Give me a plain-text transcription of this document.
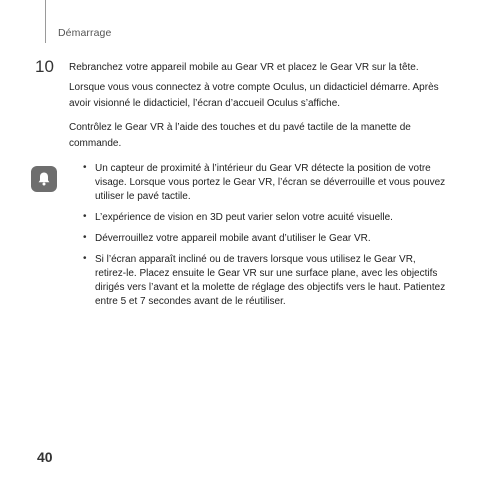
Démarrage
10 Rebranchez votre appareil mobile au Gear VR et placez le Gear VR sur la tête.
Lorsque vous vous connectez à votre compte Oculus, un didacticiel démarre. Après avoir visionné le didacticiel, l’écran d’accueil Oculus s’affiche.
Contrôlez le Gear VR à l’aide des touches et du pavé tactile de la manette de commande.
• Un capteur de proximité à l’intérieur du Gear VR détecte la position de votre visage. Lorsque vous portez le Gear VR, l’écran se déverrouille et vous pouvez utiliser le pavé tactile.
• L’expérience de vision en 3D peut varier selon votre acuité visuelle.
• Déverrouillez votre appareil mobile avant d’utiliser le Gear VR.
• Si l’écran apparaît incliné ou de travers lorsque vous utilisez le Gear VR, retirez-le. Placez ensuite le Gear VR sur une surface plane, avec les objectifs dirigés vers l’avant et la molette de réglage des objectifs vers le haut. Patientez entre 5 et 7 secondes avant de le réutiliser.
40
